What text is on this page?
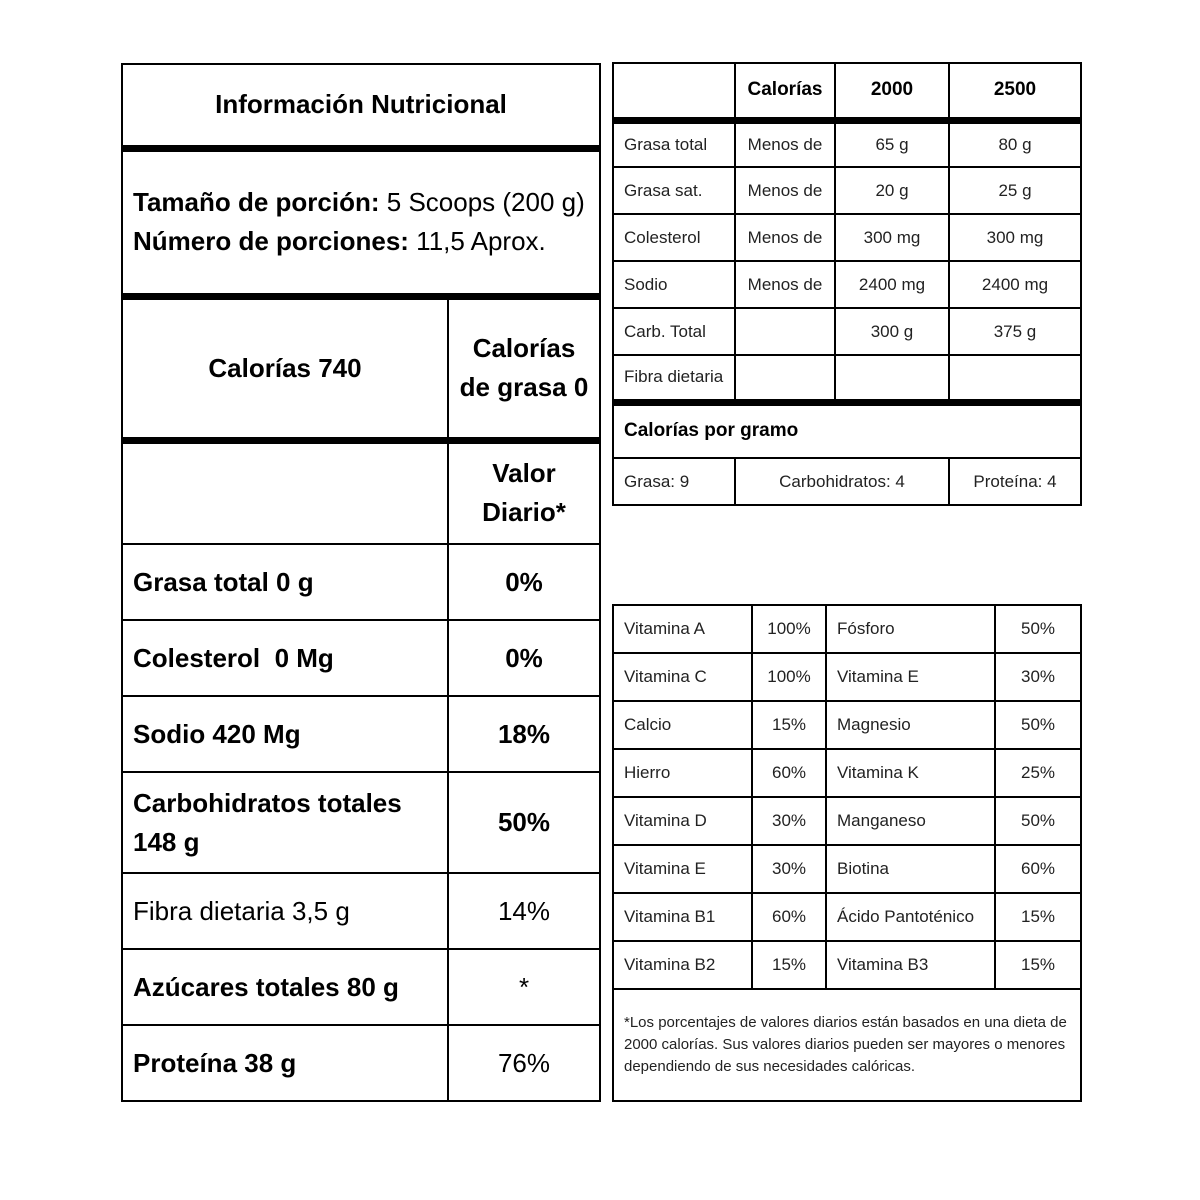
Información Nutricional	
Tamaño de porción: 5 Scoops (200 g)
Número de porciones: 11,5 Aprox.	
Calorías 740	Calorías de grasa 0
	Valor Diario*
Grasa total 0 g	0%
Colesterol  0 Mg	0%
Sodio 420 Mg	18%
Carbohidratos totales 148 g	50%
Fibra dietaria 3,5 g	14%
Azúcares totales 80 g	*
Proteína 38 g	76%
	Calorías	2000	2500
Grasa total	Menos de	65 g	80 g
Grasa sat.	Menos de	20 g	25 g
Colesterol	Menos de	300 mg	300 mg
Sodio	Menos de	2400 mg	2400 mg
Carb. Total		300 g	375 g
Fibra dietaria			
Calorías por gramo			
Grasa: 9	Carbohidratos: 4		Proteína: 4
Vitamina A	100%	Fósforo	50%
Vitamina C	100%	Vitamina E	30%
Calcio	15%	Magnesio	50%
Hierro	60%	Vitamina K	25%
Vitamina D	30%	Manganeso	50%
Vitamina E	30%	Biotina	60%
Vitamina B1	60%	Ácido Pantoténico	15%
Vitamina B2	15%	Vitamina B3	15%
*Los porcentajes de valores diarios están basados en una dieta de 2000 calorías. Sus valores diarios pueden ser mayores o menores dependiendo de sus necesidades calóricas.			
